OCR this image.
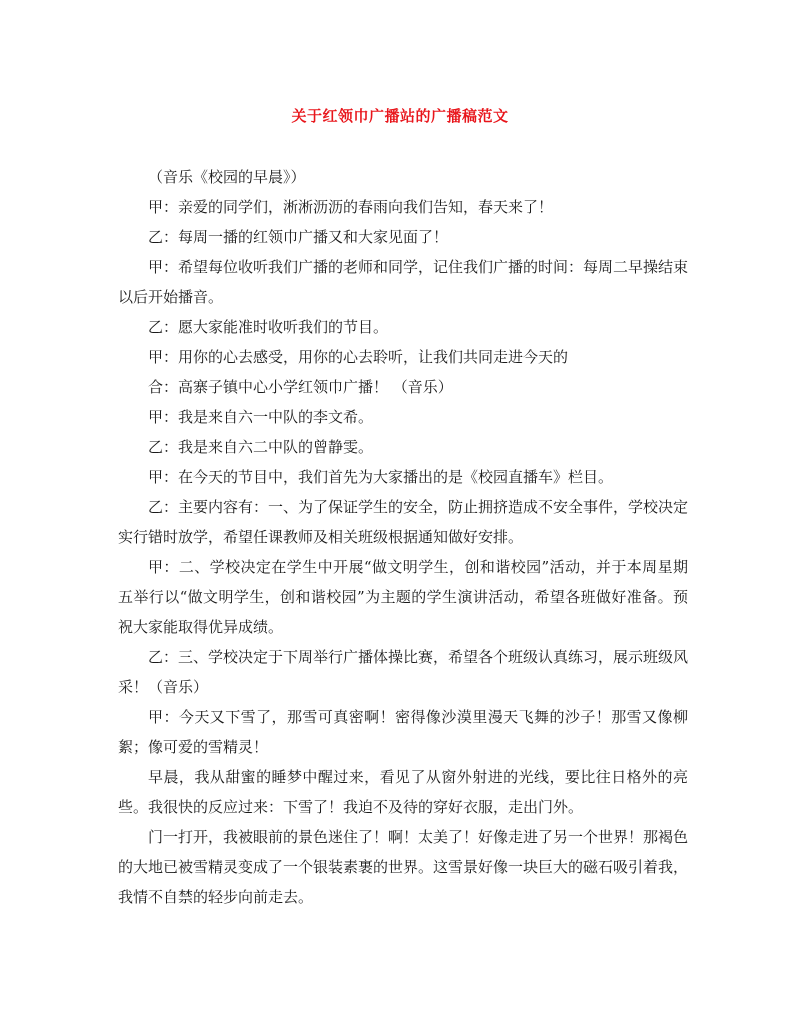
关于红领巾广播站的广播稿范文

（音乐《校园的早晨》）

甲：亲爱的同学们，淅淅沥沥的春雨向我们告知，春天来了！

乙：每周一播的红领巾广播又和大家见面了！

甲：希望每位收听我们广播的老师和同学，记住我们广播的时间：每周二早操结束以后开始播音。

乙：愿大家能准时收听我们的节目。

甲：用你的心去感受，用你的心去聆听，让我们共同走进今天的

合：高寨子镇中心小学红领巾广播！ （音乐）

甲：我是来自六一中队的李文希。

乙：我是来自六二中队的曾静雯。

甲：在今天的节目中，我们首先为大家播出的是《校园直播车》栏目。

乙：主要内容有：一、为了保证学生的安全，防止拥挤造成不安全事件，学校决定实行错时放学，希望任课教师及相关班级根据通知做好安排。

甲：二、学校决定在学生中开展“做文明学生，创和谐校园”活动，并于本周星期五举行以“做文明学生，创和谐校园”为主题的学生演讲活动，希望各班做好准备。预祝大家能取得优异成绩。

乙：三、学校决定于下周举行广播体操比赛，希望各个班级认真练习，展示班级风采！（音乐）

甲：今天又下雪了，那雪可真密啊！密得像沙漠里漫天飞舞的沙子！那雪又像柳絮；像可爱的雪精灵！

早晨，我从甜蜜的睡梦中醒过来，看见了从窗外射进的光线，要比往日格外的亮些。我很快的反应过来：下雪了！我迫不及待的穿好衣服，走出门外。

门一打开，我被眼前的景色迷住了！啊！太美了！好像走进了另一个世界！那褐色的大地已被雪精灵变成了一个银装素裹的世界。这雪景好像一块巨大的磁石吸引着我，我情不自禁的轻步向前走去。
